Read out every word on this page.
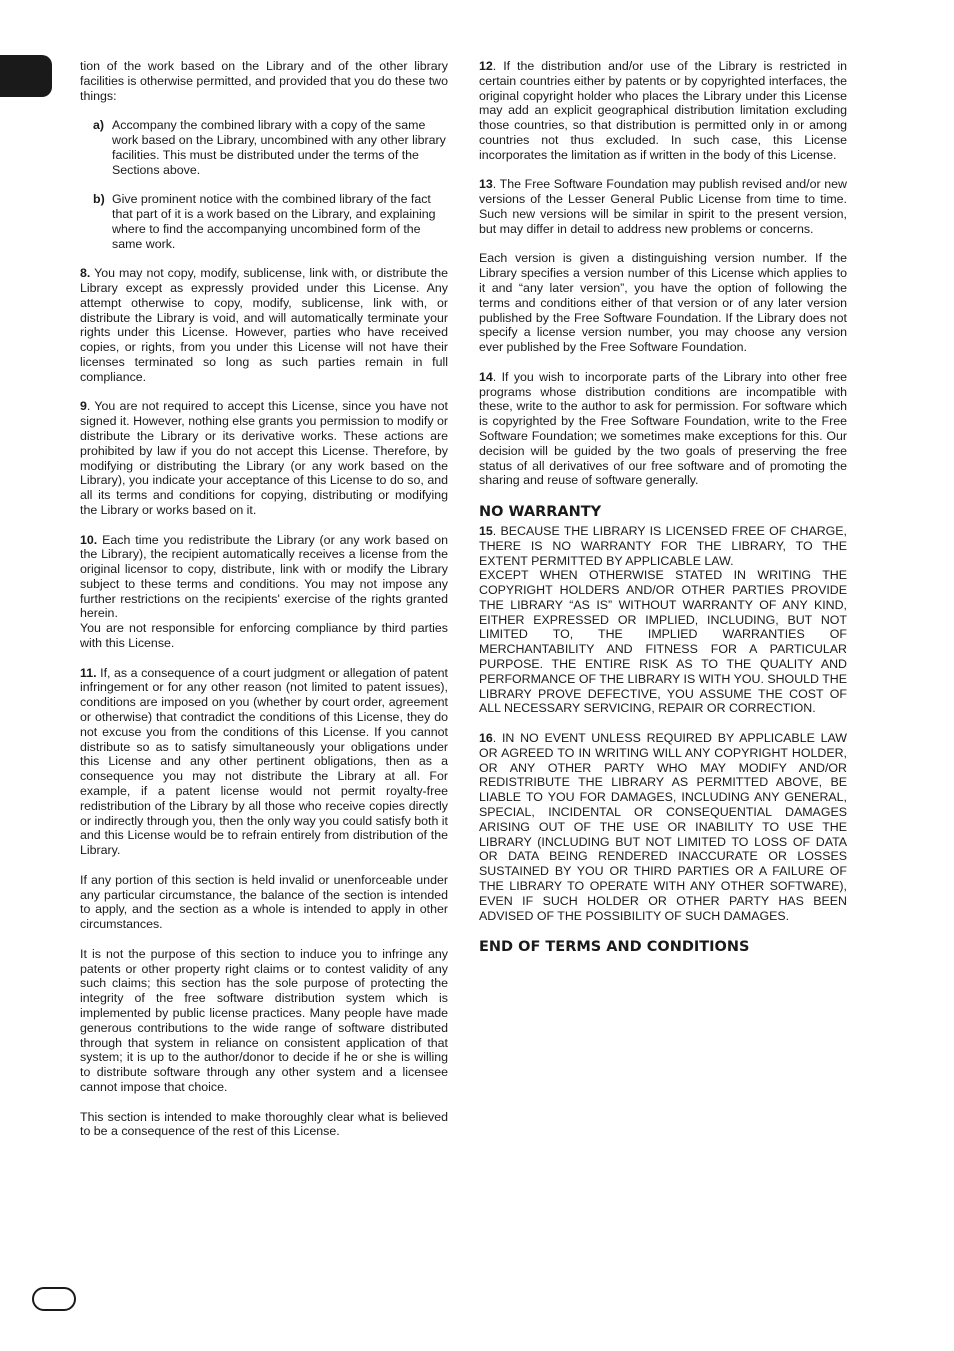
tion of the work based on the Library and of the other library facilities is otherwise permitted, and provided that you do these two things:

a) Accompany the combined library with a copy of the same work based on the Library, uncombined with any other library facilities. This must be distributed under the terms of the Sections above.
b) Give prominent notice with the combined library of the fact that part of it is a work based on the Library, and explaining where to find the accompanying uncombined form of the same work.

8. You may not copy, modify, sublicense, link with, or distribute the Library except as expressly provided under this License. Any attempt otherwise to copy, modify, sublicense, link with, or distribute the Library is void, and will automatically terminate your rights under this License. However, parties who have received copies, or rights, from you under this License will not have their licenses terminated so long as such parties remain in full compliance.

9. You are not required to accept this License, since you have not signed it. However, nothing else grants you permission to modify or distribute the Library or its derivative works. These actions are prohibited by law if you do not accept this License. Therefore, by modifying or distributing the Library (or any work based on the Library), you indicate your acceptance of this License to do so, and all its terms and conditions for copying, distributing or modifying the Library or works based on it.

10. Each time you redistribute the Library (or any work based on the Library), the recipient automatically receives a license from the original licensor to copy, distribute, link with or modify the Library subject to these terms and conditions. You may not impose any further restrictions on the recipients' exercise of the rights granted herein.

You are not responsible for enforcing compliance by third parties with this License.

11. If, as a consequence of a court judgment or allegation of patent infringement or for any other reason (not limited to patent issues), conditions are imposed on you (whether by court order, agreement or otherwise) that contradict the conditions of this License, they do not excuse you from the conditions of this License. If you cannot distribute so as to satisfy simultaneously your obligations under this License and any other pertinent obligations, then as a consequence you may not distribute the Library at all. For example, if a patent license would not permit royalty-free redistribution of the Library by all those who receive copies directly or indirectly through you, then the only way you could satisfy both it and this License would be to refrain entirely from distribution of the Library.

If any portion of this section is held invalid or unenforceable under any particular circumstance, the balance of the section is intended to apply, and the section as a whole is intended to apply in other circumstances.

It is not the purpose of this section to induce you to infringe any patents or other property right claims or to contest validity of any such claims; this section has the sole purpose of protecting the integrity of the free software distribution system which is implemented by public license practices. Many people have made generous contributions to the wide range of software distributed through that system in reliance on consistent application of that system; it is up to the author/donor to decide if he or she is willing to distribute software through any other system and a licensee cannot impose that choice.

This section is intended to make thoroughly clear what is believed to be a consequence of the rest of this License.

12. If the distribution and/or use of the Library is restricted in certain countries either by patents or by copyrighted interfaces, the original copyright holder who places the Library under this License may add an explicit geographical distribution limitation excluding those countries, so that distribution is permitted only in or among countries not thus excluded. In such case, this License incorporates the limitation as if written in the body of this License.

13. The Free Software Foundation may publish revised and/or new versions of the Lesser General Public License from time to time. Such new versions will be similar in spirit to the present version, but may differ in detail to address new problems or concerns.

Each version is given a distinguishing version number. If the Library specifies a version number of this License which applies to it and “any later version”, you have the option of following the terms and conditions either of that version or of any later version published by the Free Software Foundation. If the Library does not specify a license version number, you may choose any version ever published by the Free Software Foundation.

14. If you wish to incorporate parts of the Library into other free programs whose distribution conditions are incompatible with these, write to the author to ask for permission. For software which is copyrighted by the Free Software Foundation, write to the Free Software Foundation; we sometimes make exceptions for this. Our decision will be guided by the two goals of preserving the free status of all derivatives of our free software and of promoting the sharing and reuse of software generally.

NO WARRANTY

15. BECAUSE THE LIBRARY IS LICENSED FREE OF CHARGE, THERE IS NO WARRANTY FOR THE LIBRARY, TO THE EXTENT PERMITTED BY APPLICABLE LAW.

EXCEPT WHEN OTHERWISE STATED IN WRITING THE COPYRIGHT HOLDERS AND/OR OTHER PARTIES PROVIDE THE LIBRARY “AS IS” WITHOUT WARRANTY OF ANY KIND, EITHER EXPRESSED OR IMPLIED, INCLUDING, BUT NOT LIMITED TO, THE IMPLIED WARRANTIES OF MERCHANTABILITY AND FITNESS FOR A PARTICULAR PURPOSE. THE ENTIRE RISK AS TO THE QUALITY AND PERFORMANCE OF THE LIBRARY IS WITH YOU. SHOULD THE LIBRARY PROVE DEFECTIVE, YOU ASSUME THE COST OF ALL NECESSARY SERVICING, REPAIR OR CORRECTION.

16. IN NO EVENT UNLESS REQUIRED BY APPLICABLE LAW OR AGREED TO IN WRITING WILL ANY COPYRIGHT HOLDER, OR ANY OTHER PARTY WHO MAY MODIFY AND/OR REDISTRIBUTE THE LIBRARY AS PERMITTED ABOVE, BE LIABLE TO YOU FOR DAMAGES, INCLUDING ANY GENERAL, SPECIAL, INCIDENTAL OR CONSEQUENTIAL DAMAGES ARISING OUT OF THE USE OR INABILITY TO USE THE LIBRARY (INCLUDING BUT NOT LIMITED TO LOSS OF DATA OR DATA BEING RENDERED INACCURATE OR LOSSES SUSTAINED BY YOU OR THIRD PARTIES OR A FAILURE OF THE LIBRARY TO OPERATE WITH ANY OTHER SOFTWARE), EVEN IF SUCH HOLDER OR OTHER PARTY HAS BEEN ADVISED OF THE POSSIBILITY OF SUCH DAMAGES.

END OF TERMS AND CONDITIONS
